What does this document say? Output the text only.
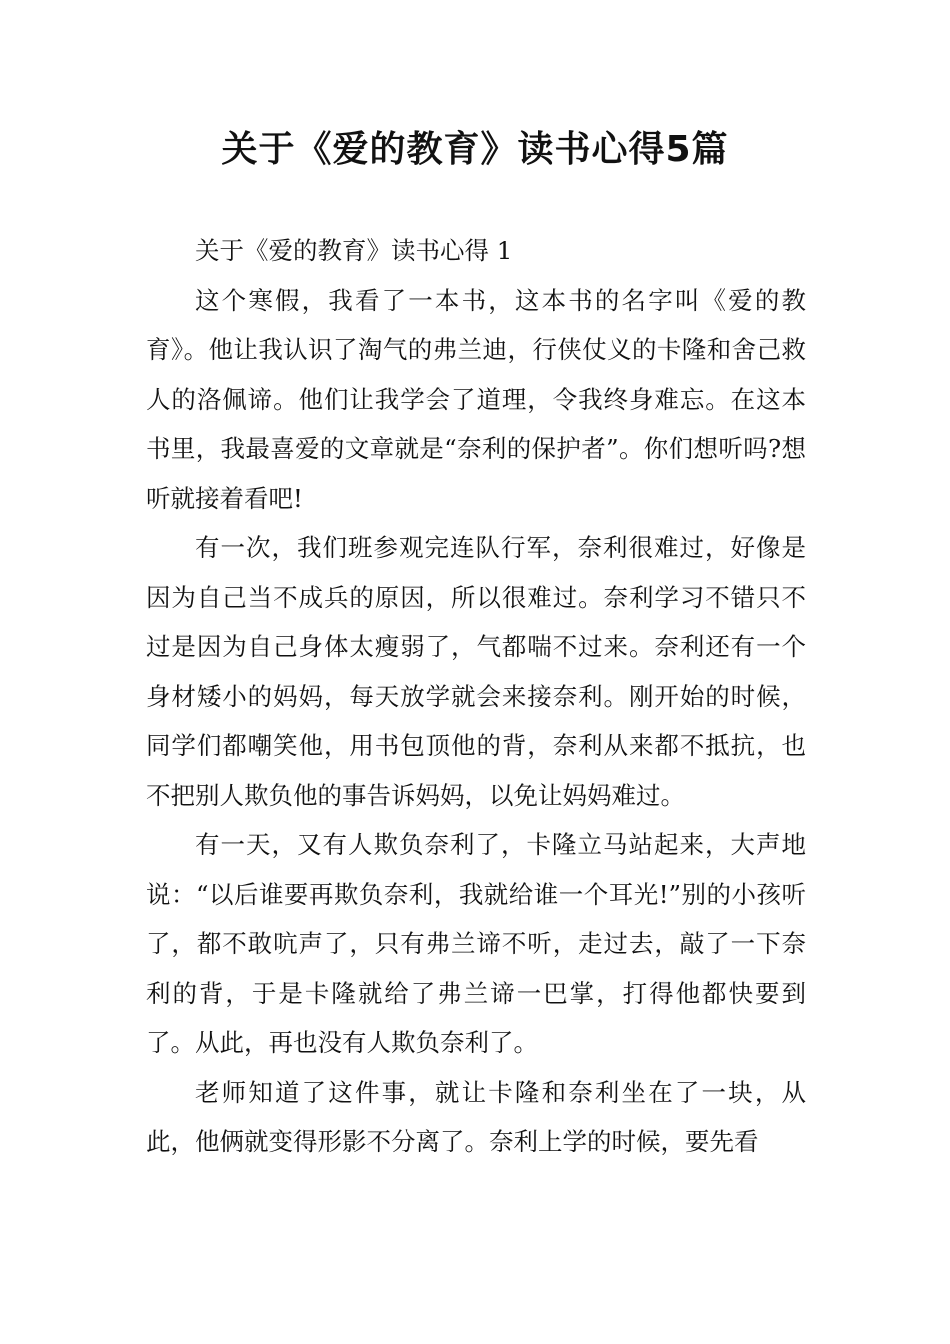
关于《爱的教育》读书心得5篇

关于《爱的教育》读书心得 1

这个寒假，我看了一本书，这本书的名字叫《爱的教育》。他让我认识了淘气的弗兰迪，行侠仗义的卡隆和舍己救人的洛佩谛。他们让我学会了道理，令我终身难忘。在这本书里，我最喜爱的文章就是“奈利的保护者”。你们想听吗?想听就接着看吧!

有一次，我们班参观完连队行军，奈利很难过，好像是因为自己当不成兵的原因，所以很难过。奈利学习不错只不过是因为自己身体太瘦弱了，气都喘不过来。奈利还有一个身材矮小的妈妈，每天放学就会来接奈利。刚开始的时候，同学们都嘲笑他，用书包顶他的背，奈利从来都不抵抗，也不把别人欺负他的事告诉妈妈，以免让妈妈难过。

有一天，又有人欺负奈利了，卡隆立马站起来，大声地说：“以后谁要再欺负奈利，我就给谁一个耳光!”别的小孩听了，都不敢吭声了，只有弗兰谛不听，走过去，敲了一下奈利的背，于是卡隆就给了弗兰谛一巴掌，打得他都快要到了。从此，再也没有人欺负奈利了。

老师知道了这件事，就让卡隆和奈利坐在了一块，从此，他俩就变得形影不分离了。奈利上学的时候，要先看
